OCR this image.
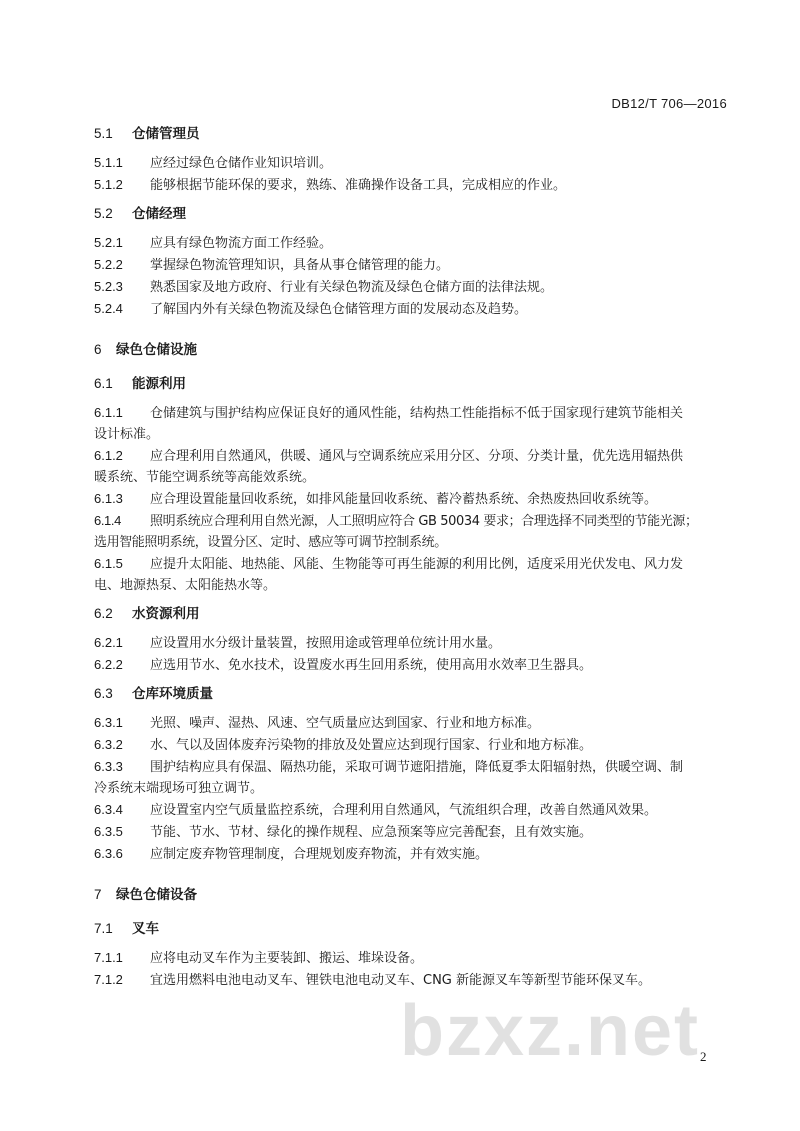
DB12/T 706—2016
5.1 仓储管理员
5.1.1 应经过绿色仓储作业知识培训。
5.1.2 能够根据节能环保的要求，熟练、准确操作设备工具，完成相应的作业。
5.2 仓储经理
5.2.1 应具有绿色物流方面工作经验。
5.2.2 掌握绿色物流管理知识，具备从事仓储管理的能力。
5.2.3 熟悉国家及地方政府、行业有关绿色物流及绿色仓储方面的法律法规。
5.2.4 了解国内外有关绿色物流及绿色仓储管理方面的发展动态及趋势。
6 绿色仓储设施
6.1 能源利用
6.1.1 仓储建筑与围护结构应保证良好的通风性能，结构热工性能指标不低于国家现行建筑节能相关
设计标准。
6.1.2 应合理利用自然通风，供暖、通风与空调系统应采用分区、分项、分类计量，优先选用辐热供
暖系统、节能空调系统等高能效系统。
6.1.3 应合理设置能量回收系统，如排风能量回收系统、蓄冷蓄热系统、余热废热回收系统等。
6.1.4 照明系统应合理利用自然光源，人工照明应符合 GB 50034 要求；合理选择不同类型的节能光源；
选用智能照明系统，设置分区、定时、感应等可调节控制系统。
6.1.5 应提升太阳能、地热能、风能、生物能等可再生能源的利用比例，适度采用光伏发电、风力发
电、地源热泵、太阳能热水等。
6.2 水资源利用
6.2.1 应设置用水分级计量装置，按照用途或管理单位统计用水量。
6.2.2 应选用节水、免水技术，设置废水再生回用系统，使用高用水效率卫生器具。
6.3 仓库环境质量
6.3.1 光照、噪声、湿热、风速、空气质量应达到国家、行业和地方标准。
6.3.2 水、气以及固体废弃污染物的排放及处置应达到现行国家、行业和地方标准。
6.3.3 围护结构应具有保温、隔热功能，采取可调节遮阳措施，降低夏季太阳辐射热，供暖空调、制
冷系统末端现场可独立调节。
6.3.4 应设置室内空气质量监控系统，合理利用自然通风，气流组织合理，改善自然通风效果。
6.3.5 节能、节水、节材、绿化的操作规程、应急预案等应完善配套，且有效实施。
6.3.6 应制定废弃物管理制度，合理规划废弃物流，并有效实施。
7 绿色仓储设备
7.1 叉车
7.1.1 应将电动叉车作为主要装卸、搬运、堆垛设备。
7.1.2 宜选用燃料电池电动叉车、锂铁电池电动叉车、CNG 新能源叉车等新型节能环保叉车。
bzxz.net 2
